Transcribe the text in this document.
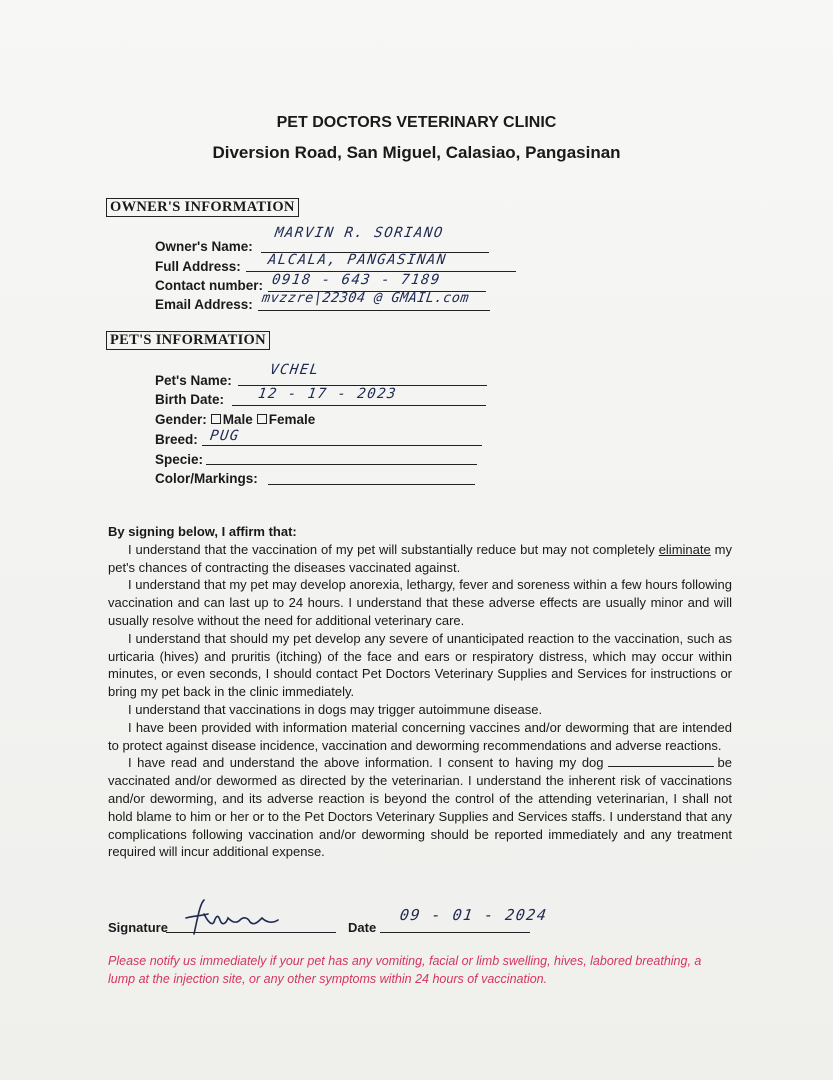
PET DOCTORS VETERINARY CLINIC
Diversion Road, San Miguel, Calasiao, Pangasinan
OWNER'S INFORMATION
Owner's Name:
MARVIN R. SORIANO
Full Address: ALCALA, PANGASINAN
Contact number: 0918 - 643 - 7189
Email Address: mvzzre|22304 @ GMAIL.com
PET'S INFORMATION
Pet's Name:
VCHEL
Birth Date: 12 - 17 - 2023
Gender: Male Female
Breed: PUG
Specie:
Color/Markings:

By signing below, I affirm that:

I understand that the vaccination of my pet will substantially reduce but may not completely eliminate my pet's chances of contracting the diseases vaccinated against.

I understand that my pet may develop anorexia, lethargy, fever and soreness within a few hours following vaccination and can last up to 24 hours. I understand that these adverse effects are usually minor and will usually resolve without the need for additional veterinary care.

I understand that should my pet develop any severe of unanticipated reaction to the vaccination, such as urticaria (hives) and pruritis (itching) of the face and ears or respiratory distress, which may occur within minutes, or even seconds, I should contact Pet Doctors Veterinary Supplies and Services for instructions or bring my pet back in the clinic immediately.

I understand that vaccinations in dogs may trigger autoimmune disease.

I have been provided with information material concerning vaccines and/or deworming that are intended to protect against disease incidence, vaccination and deworming recommendations and adverse reactions.

I have read and understand the above information. I consent to having my dog	be vaccinated and/or dewormed as directed by the veterinarian. I understand the inherent risk of vaccinations and/or deworming, and its adverse reaction is beyond the control of the attending veterinarian, I shall not hold blame to him or her or to the Pet Doctors Veterinary Supplies and Services staffs. I understand that any complications following vaccination and/or deworming should be reported immediately and any treatment required will incur additional expense.

Signature	Date
09 - 01 - 2024
Please notify us immediately if your pet has any vomiting, facial or limb swelling, hives, labored breathing, a lump at the injection site, or any other symptoms within 24 hours of vaccination.
